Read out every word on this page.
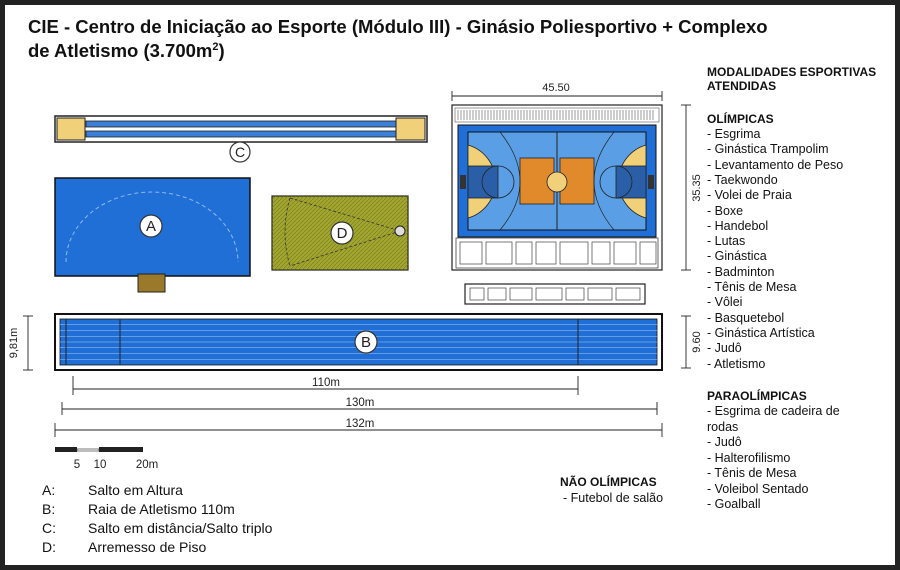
45.50
35.35
9.60
9,81m
110m
130m
132m
5 10	20m
C
A	D
B
CIE - Centro de Iniciação ao Esporte (Módulo III) - Ginásio Poliesportivo + Complexo
de Atletismo $(3.700m^2)$
MODALIDADES ESPORTIVAS
ATENDIDAS
OLÍMPICAS
- Esgrima
- Ginástica Trampolim
- Levantamento de Peso
- Taekwondo
- Volei de Praia
- Boxe
- Handebol
- Lutas
- Ginástica
- Badminton
- Tênis de Mesa
- Vôlei
- Basquetebol
- Ginástica Artística
- Judô
- Atletismo
PARAOLÍMPICAS
- Esgrima de cadeira de
rodas
- Judô
- Halterofilismo
- Tênis de Mesa
- Voleibol Sentado
- Goalball
NÃO OLÍMPICAS
- Futebol de salão
A: Salto em Altura
B: Raia de Atletismo 110m
C: Salto em distância/Salto triplo
D: Arremesso de Piso
